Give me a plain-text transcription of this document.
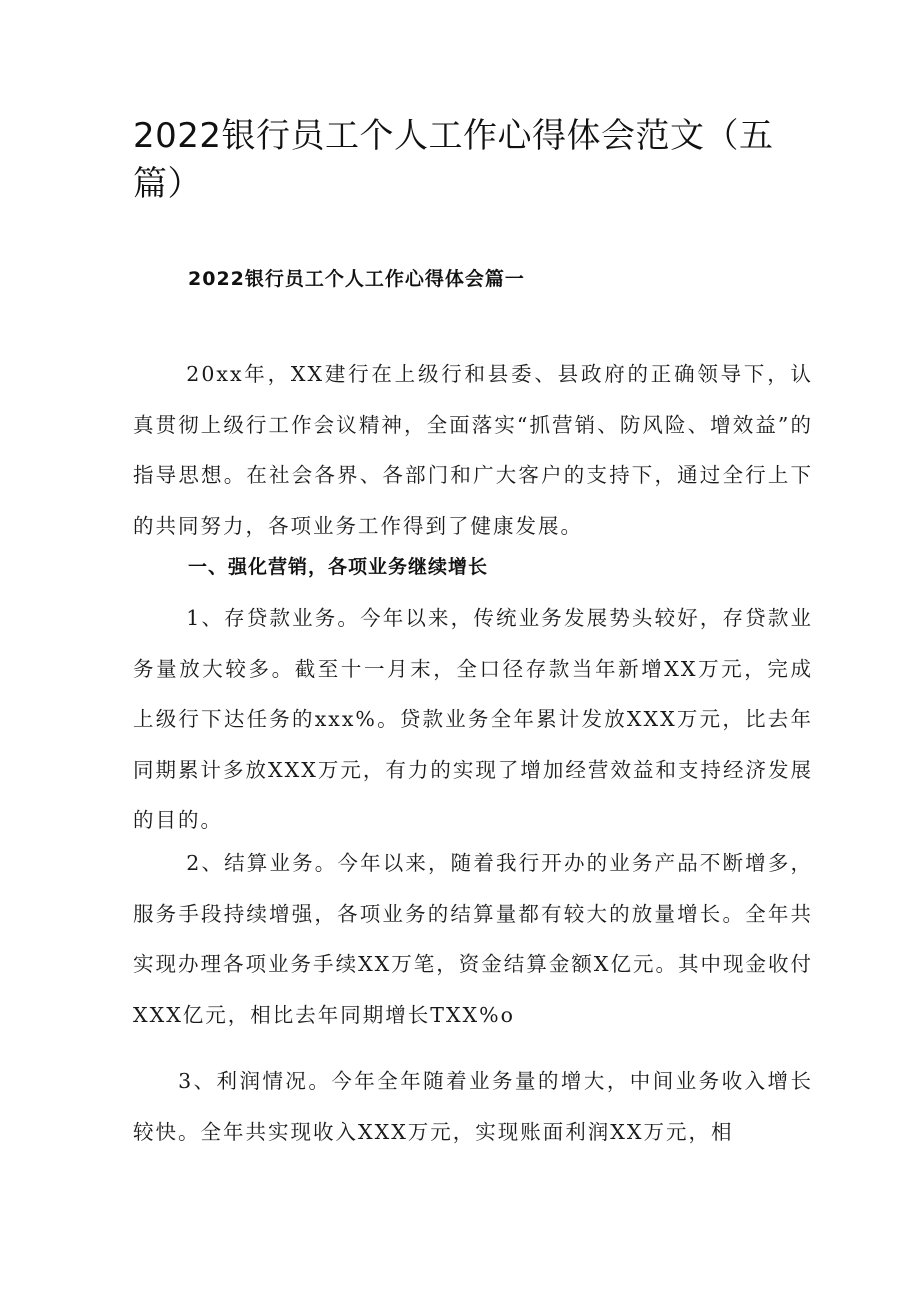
2022银行员工个人工作心得体会范文（五篇）
2022银行员工个人工作心得体会篇一

20xx年，XX建行在上级行和县委、县政府的正确领导下，认真贯彻上级行工作会议精神，全面落实“抓营销、防风险、增效益”的指导思想。在社会各界、各部门和广大客户的支持下，通过全行上下的共同努力，各项业务工作得到了健康发展。

一、强化营销，各项业务继续增长

1、存贷款业务。今年以来，传统业务发展势头较好，存贷款业务量放大较多。截至十一月末，全口径存款当年新增XX万元，完成上级行下达任务的xxx%。贷款业务全年累计发放XXX万元，比去年同期累计多放XXX万元，有力的实现了增加经营效益和支持经济发展的目的。

2、结算业务。今年以来，随着我行开办的业务产品不断增多，服务手段持续增强，各项业务的结算量都有较大的放量增长。全年共实现办理各项业务手续XX万笔，资金结算金额X亿元。其中现金收付XXX亿元，相比去年同期增长TXX%o

3、利润情况。今年全年随着业务量的增大，中间业务收入增长较快。全年共实现收入XXX万元，实现账面利润XX万元，相
